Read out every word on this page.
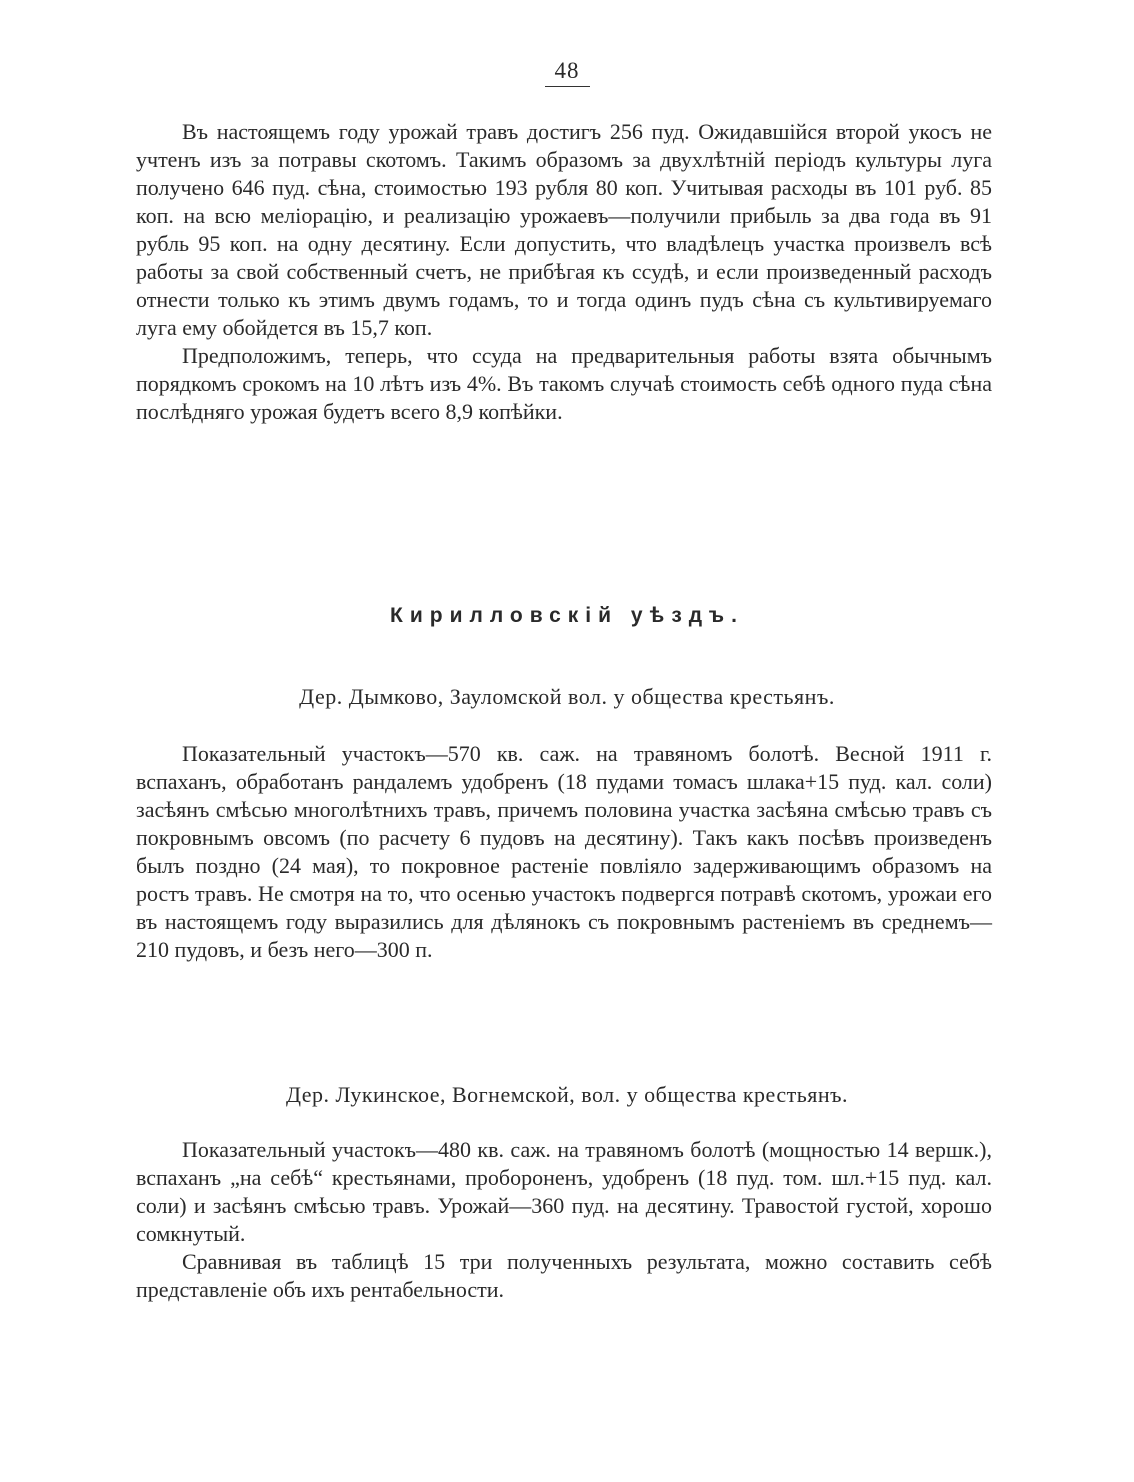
48

Въ настоящемъ году урожай травъ достигъ 256 пуд. Ожидавшійся второй укосъ не учтенъ изъ за потравы скотомъ. Такимъ образомъ за двухлѣтній періодъ культуры луга получено 646 пуд. сѣна, стоимостью 193 рубля 80 коп. Учитывая расходы въ 101 руб. 85 коп. на всю меліорацію, и реализацію урожаевъ—получили прибыль за два года въ 91 рубль 95 коп. на одну десятину. Если допустить, что владѣлецъ участка произвелъ всѣ работы за свой собственный счетъ, не прибѣгая къ ссудѣ, и если произведенный расходъ отнести только къ этимъ двумъ годамъ, то и тогда одинъ пудъ сѣна съ культивируемаго луга ему обойдется въ 15,7 коп.

Предположимъ, теперь, что ссуда на предварительныя работы взята обычнымъ порядкомъ срокомъ на 10 лѣтъ изъ 4%. Въ такомъ случаѣ стоимость себѣ одного пуда сѣна послѣдняго урожая будетъ всего 8,9 копѣйки.

Кирилловскій уѣздъ.
Дер. Дымково, Зауломской вол. у общества крестьянъ.

Показательный участокъ—570 кв. саж. на травяномъ болотѣ. Весной 1911 г. вспаханъ, обработанъ рандалемъ удобренъ (18 пудами томасъ шлака+15 пуд. кал. соли) засѣянъ смѣсью многолѣтнихъ травъ, причемъ половина участка засѣяна смѣсью травъ съ покровнымъ овсомъ (по расчету 6 пудовъ на десятину). Такъ какъ посѣвъ произведенъ былъ поздно (24 мая), то покровное растеніе повліяло задерживающимъ образомъ на ростъ травъ. Не смотря на то, что осенью участокъ подвергся потравѣ скотомъ, урожаи его въ настоящемъ году выразились для дѣлянокъ съ покровнымъ растеніемъ въ среднемъ—210 пудовъ, и безъ него—300 п.

Дер. Лукинское, Вогнемской, вол. у общества крестьянъ.

Показательный участокъ—480 кв. саж. на травяномъ болотѣ (мощностью 14 вершк.), вспаханъ „на себѣ“ крестьянами, пробороненъ, удобренъ (18 пуд. том. шл.+15 пуд. кал. соли) и засѣянъ смѣсью травъ. Урожай—360 пуд. на десятину. Травостой густой, хорошо сомкнутый.

Сравнивая въ таблицѣ 15 три полученныхъ результата, можно составить себѣ представленіе объ ихъ рентабельности.
